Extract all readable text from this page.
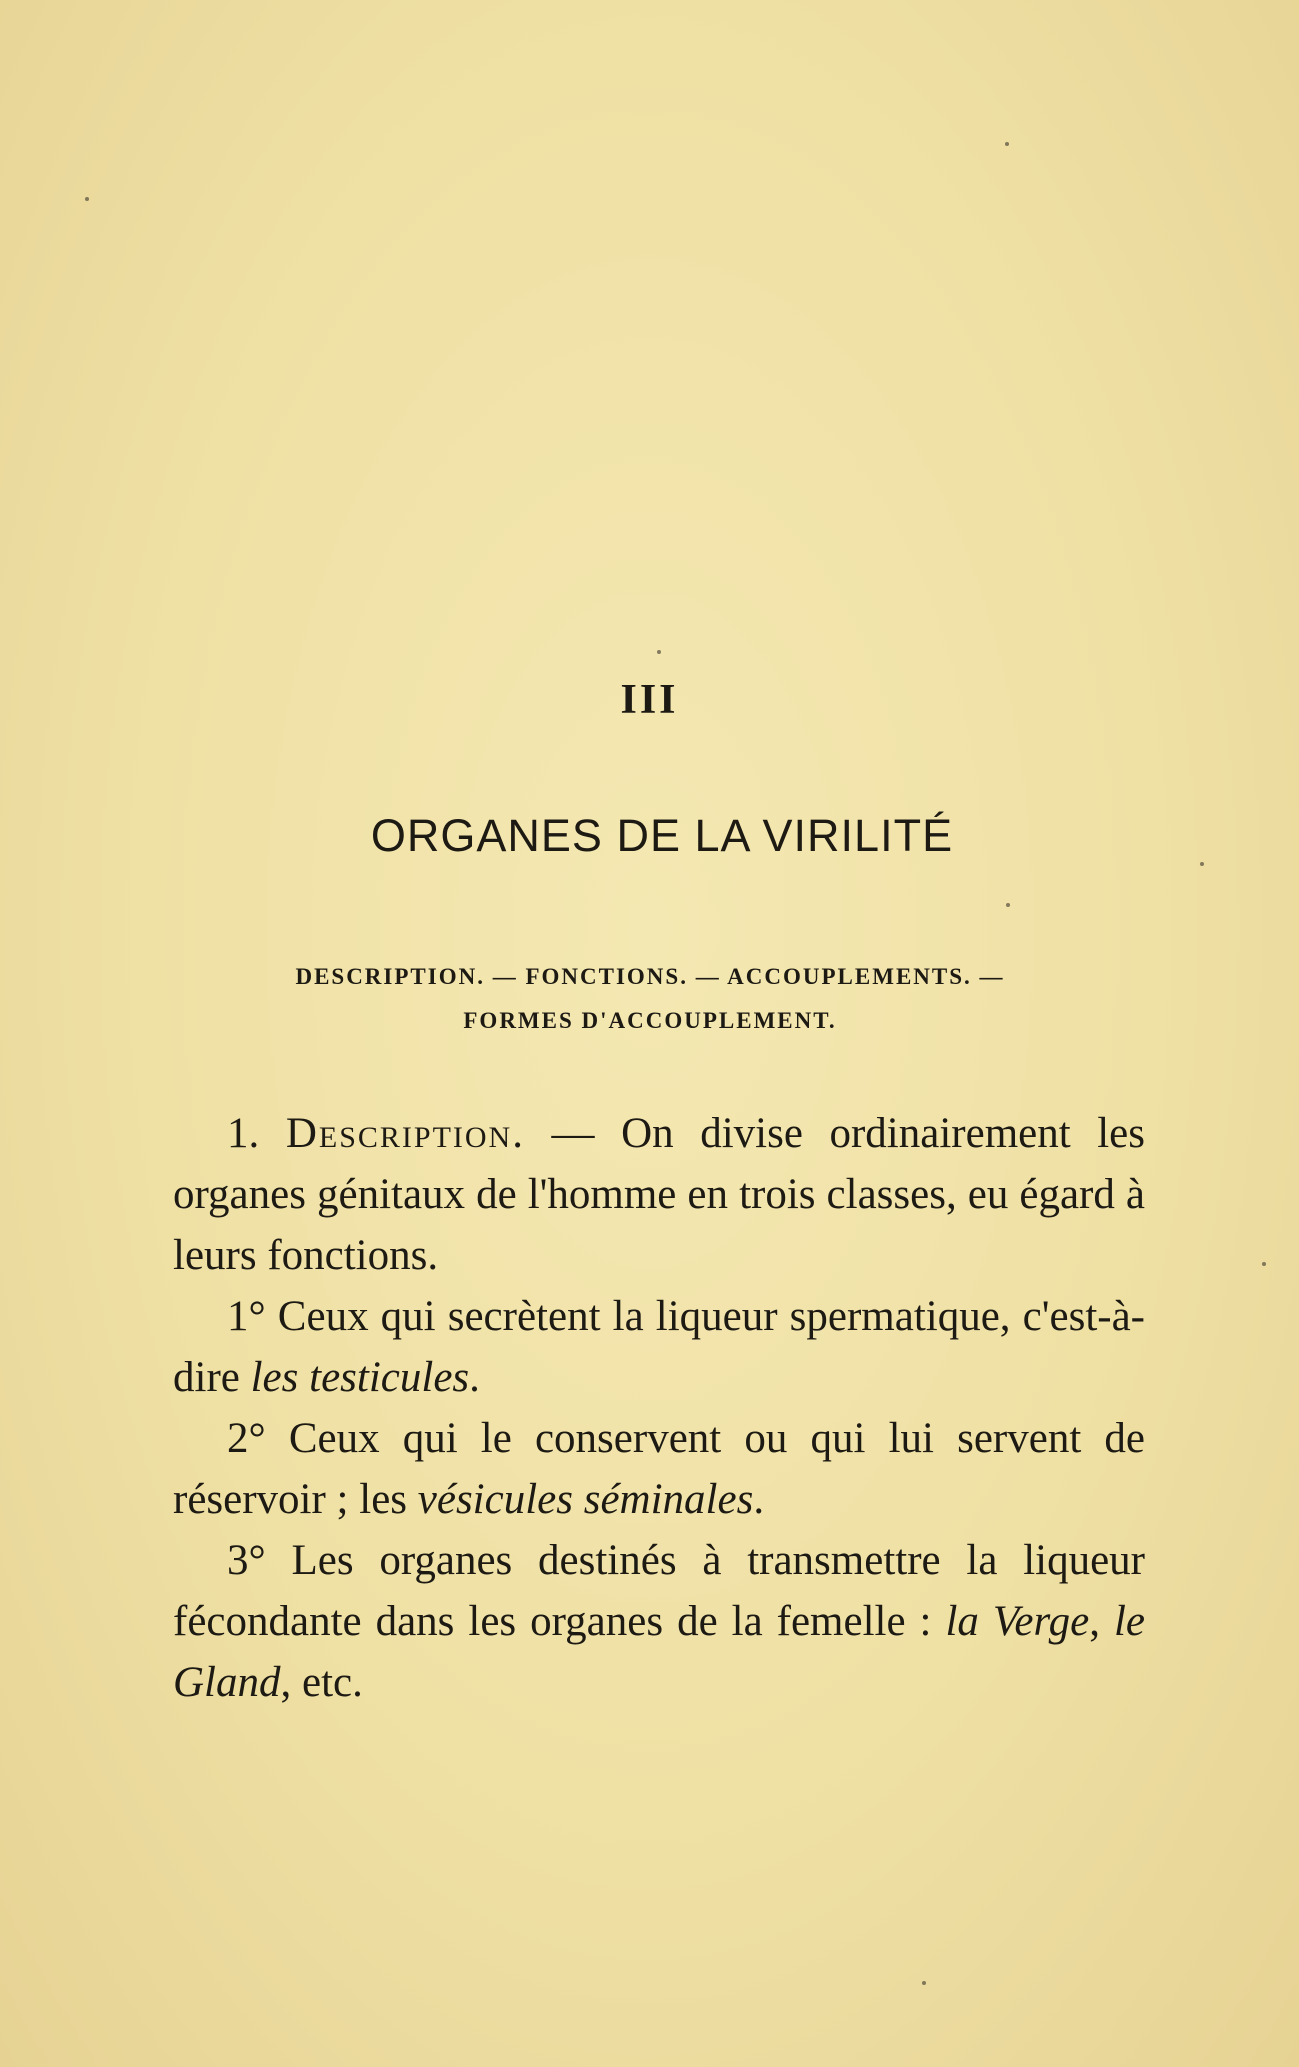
III
ORGANES DE LA VIRILITÉ
DESCRIPTION. — FONCTIONS. — ACCOUPLEMENTS. —
FORMES D'ACCOUPLEMENT.

1. Description. — On divise ordinairement les organes génitaux de l'homme en trois classes, eu égard à leurs fonctions.

1° Ceux qui secrètent la liqueur spermatique, c'est-à-dire les testicules.

2° Ceux qui le conservent ou qui lui servent de réservoir ; les vésicules séminales.

3° Les organes destinés à transmettre la liqueur fécondante dans les organes de la femelle : la Verge, le Gland, etc.
